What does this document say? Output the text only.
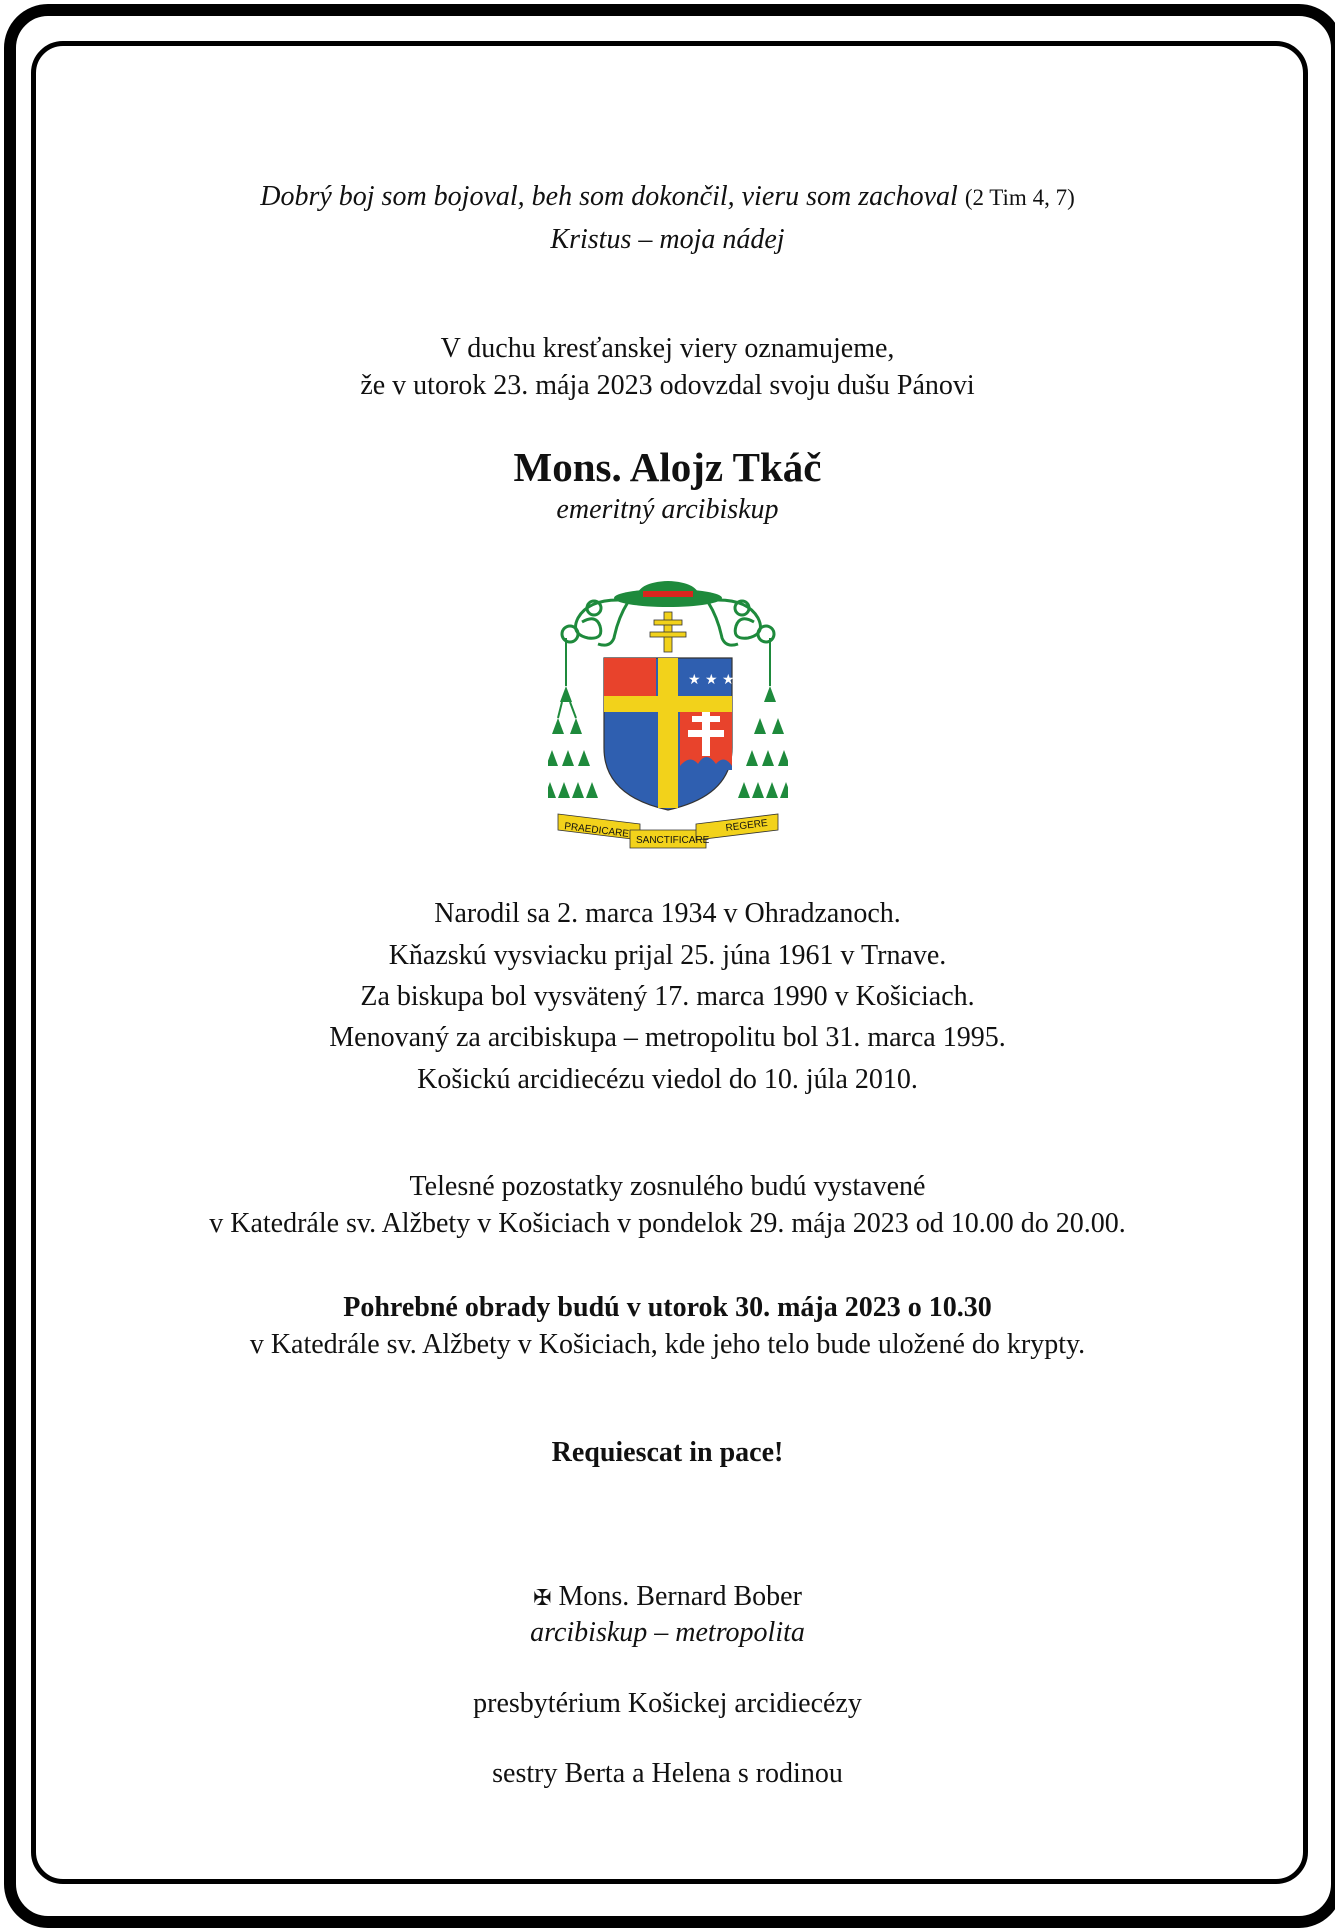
Dobrý boj som bojoval, beh som dokončil, vieru som zachoval (2 Tim 4, 7)
Kristus – moja nádej
V duchu kresťanskej viery oznamujeme,
že v utorok 23. mája 2023 odovzdal svoju dušu Pánovi
Mons. Alojz Tkáč
emeritný arcibiskup
Narodil sa 2. marca 1934 v Ohradzanoch.
Kňazskú vysviacku prijal 25. júna 1961 v Trnave.
Za biskupa bol vysvätený 17. marca 1990 v Košiciach.
Menovaný za arcibiskupa – metropolitu bol 31. marca 1995.
Košickú arcidiecézu viedol do 10. júla 2010.
Telesné pozostatky zosnulého budú vystavené
v Katedrále sv. Alžbety v Košiciach v pondelok 29. mája 2023 od 10.00 do 20.00.
Pohrebné obrady budú v utorok 30. mája 2023 o 10.30
v Katedrále sv. Alžbety v Košiciach, kde jeho telo bude uložené do krypty.
Requiescat in pace!
✠ Mons. Bernard Bober
arcibiskup – metropolita
presbytérium Košickej arcidiecézy
sestry Berta a Helena s rodinou
★ ★ ★
PRAEDICARE
SANCTIFICARE
REGERE
